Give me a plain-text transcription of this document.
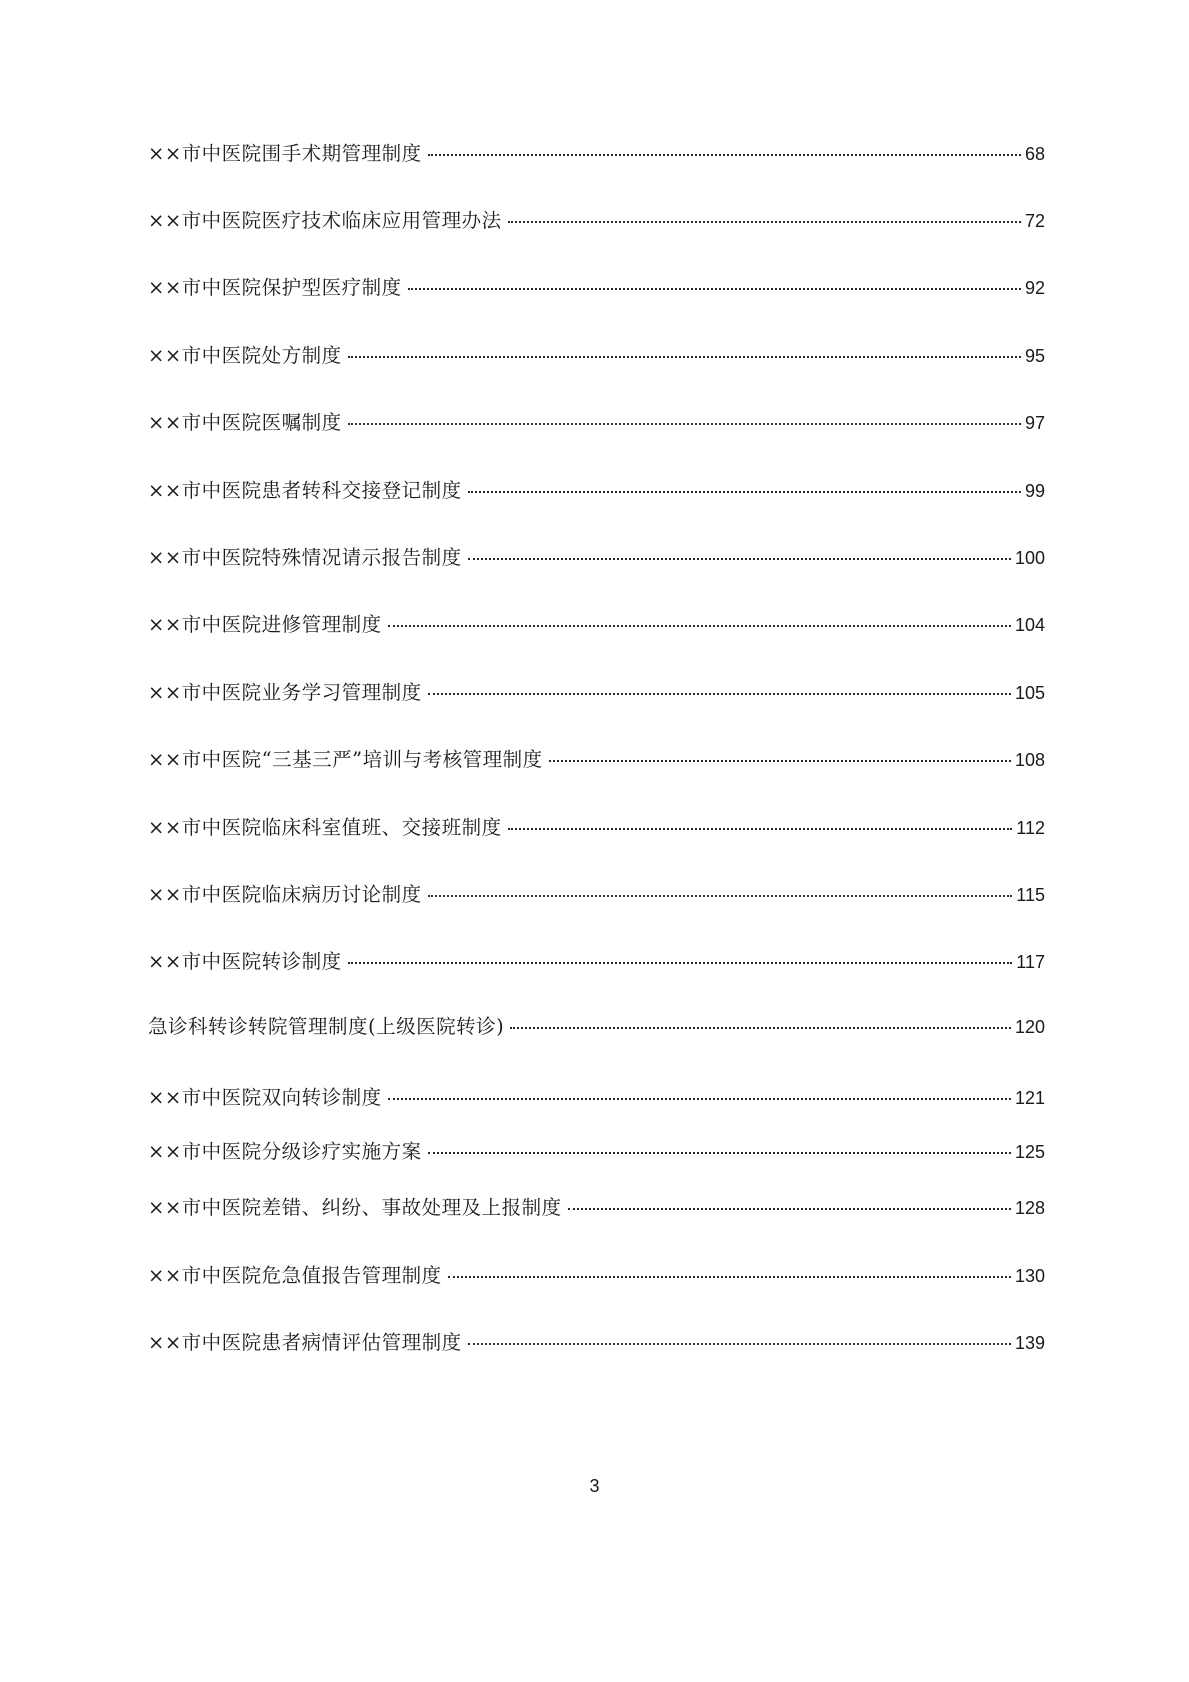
××市中医院围手术期管理制度	68
××市中医院医疗技术临床应用管理办法	72
××市中医院保护型医疗制度	92
××市中医院处方制度	95
××市中医院医嘱制度	97
××市中医院患者转科交接登记制度	99
××市中医院特殊情况请示报告制度	100
××市中医院进修管理制度	104
××市中医院业务学习管理制度	105
××市中医院“三基三严”培训与考核管理制度	108
××市中医院临床科室值班、交接班制度	112
××市中医院临床病历讨论制度	115
××市中医院转诊制度	117
急诊科转诊转院管理制度(上级医院转诊)	120
××市中医院双向转诊制度	121
××市中医院分级诊疗实施方案	125
××市中医院差错、纠纷、事故处理及上报制度	128
××市中医院危急值报告管理制度	130
××市中医院患者病情评估管理制度	139
3
